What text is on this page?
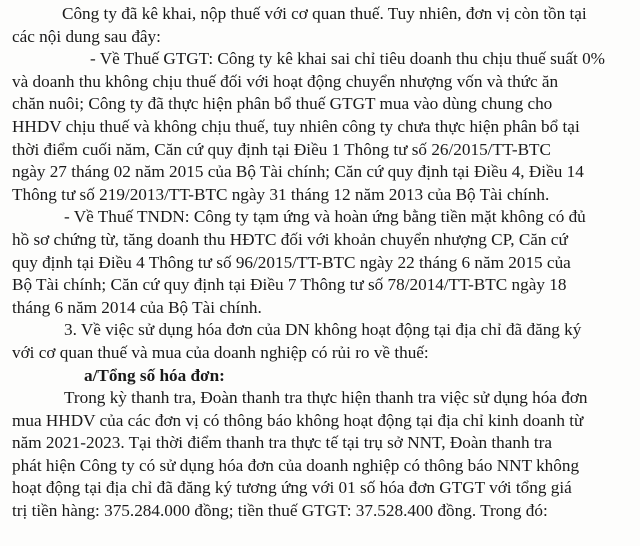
Công ty đã kê khai, nộp thuế với cơ quan thuế. Tuy nhiên, đơn vị còn tồn tại
các nội dung sau đây:
- Về Thuế GTGT: Công ty kê khai sai chỉ tiêu doanh thu chịu thuế suất 0%
và doanh thu không chịu thuế đối với hoạt động chuyển nhượng vốn và thức ăn
chăn nuôi; Công ty đã thực hiện phân bổ thuế GTGT mua vào dùng chung cho
HHDV chịu thuế và không chịu thuế, tuy nhiên công ty chưa thực hiện phân bổ tại
thời điểm cuối năm, Căn cứ quy định tại Điều 1 Thông tư số 26/2015/TT-BTC
ngày 27 tháng 02 năm 2015 của Bộ Tài chính; Căn cứ quy định tại Điều 4, Điều 14
Thông tư số 219/2013/TT-BTC ngày 31 tháng 12 năm 2013 của Bộ Tài chính.
- Về Thuế TNDN: Công ty tạm ứng và hoàn ứng bằng tiền mặt không có đủ
hồ sơ chứng từ, tăng doanh thu HĐTC đối với khoản chuyển nhượng CP, Căn cứ
quy định tại Điều 4 Thông tư số 96/2015/TT-BTC ngày 22 tháng 6 năm 2015 của
Bộ Tài chính; Căn cứ quy định tại Điều 7 Thông tư số 78/2014/TT-BTC ngày 18
tháng 6 năm 2014 của Bộ Tài chính.
3. Về việc sử dụng hóa đơn của DN không hoạt động tại địa chỉ đã đăng ký
với cơ quan thuế và mua của doanh nghiệp có rủi ro về thuế:
a/Tổng số hóa đơn:
Trong kỳ thanh tra, Đoàn thanh tra thực hiện thanh tra việc sử dụng hóa đơn
mua HHDV của các đơn vị có thông báo không hoạt động tại địa chỉ kinh doanh từ
năm 2021-2023. Tại thời điểm thanh tra thực tế tại trụ sở NNT, Đoàn thanh tra
phát hiện Công ty có sử dụng hóa đơn của doanh nghiệp có thông báo NNT không
hoạt động tại địa chỉ đã đăng ký tương ứng với 01 số hóa đơn GTGT với tổng giá
trị tiền hàng: 375.284.000 đồng; tiền thuế GTGT: 37.528.400 đồng. Trong đó:
